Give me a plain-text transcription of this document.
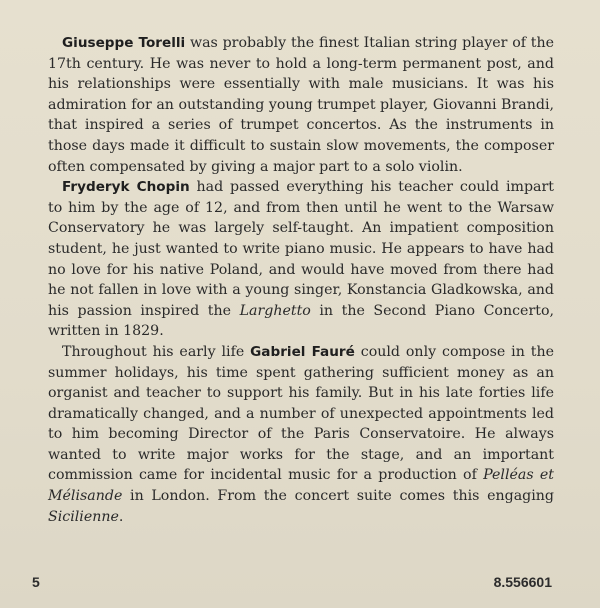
Giuseppe Torelli was probably the finest Italian string player of the 17th century. He was never to hold a long-term permanent post, and his relationships were essentially with male musicians. It was his admiration for an outstanding young trumpet player, Giovanni Brandi, that inspired a series of trumpet concertos. As the instruments in those days made it difficult to sustain slow movements, the composer often compensated by giving a major part to a solo violin.

Fryderyk Chopin had passed everything his teacher could impart to him by the age of 12, and from then until he went to the Warsaw Conservatory he was largely self-taught. An impatient composition student, he just wanted to write piano music. He appears to have had no love for his native Poland, and would have moved from there had he not fallen in love with a young singer, Konstancia Gladkowska, and his passion inspired the Larghetto in the Second Piano Concerto, written in 1829.

Throughout his early life Gabriel Fauré could only compose in the summer holidays, his time spent gathering sufficient money as an organist and teacher to support his family. But in his late forties life dramatically changed, and a number of unexpected appointments led to him becoming Director of the Paris Conservatoire. He always wanted to write major works for the stage, and an important commission came for incidental music for a production of Pelléas et Mélisande in London. From the concert suite comes this engaging Sicilienne.

5	8.556601
